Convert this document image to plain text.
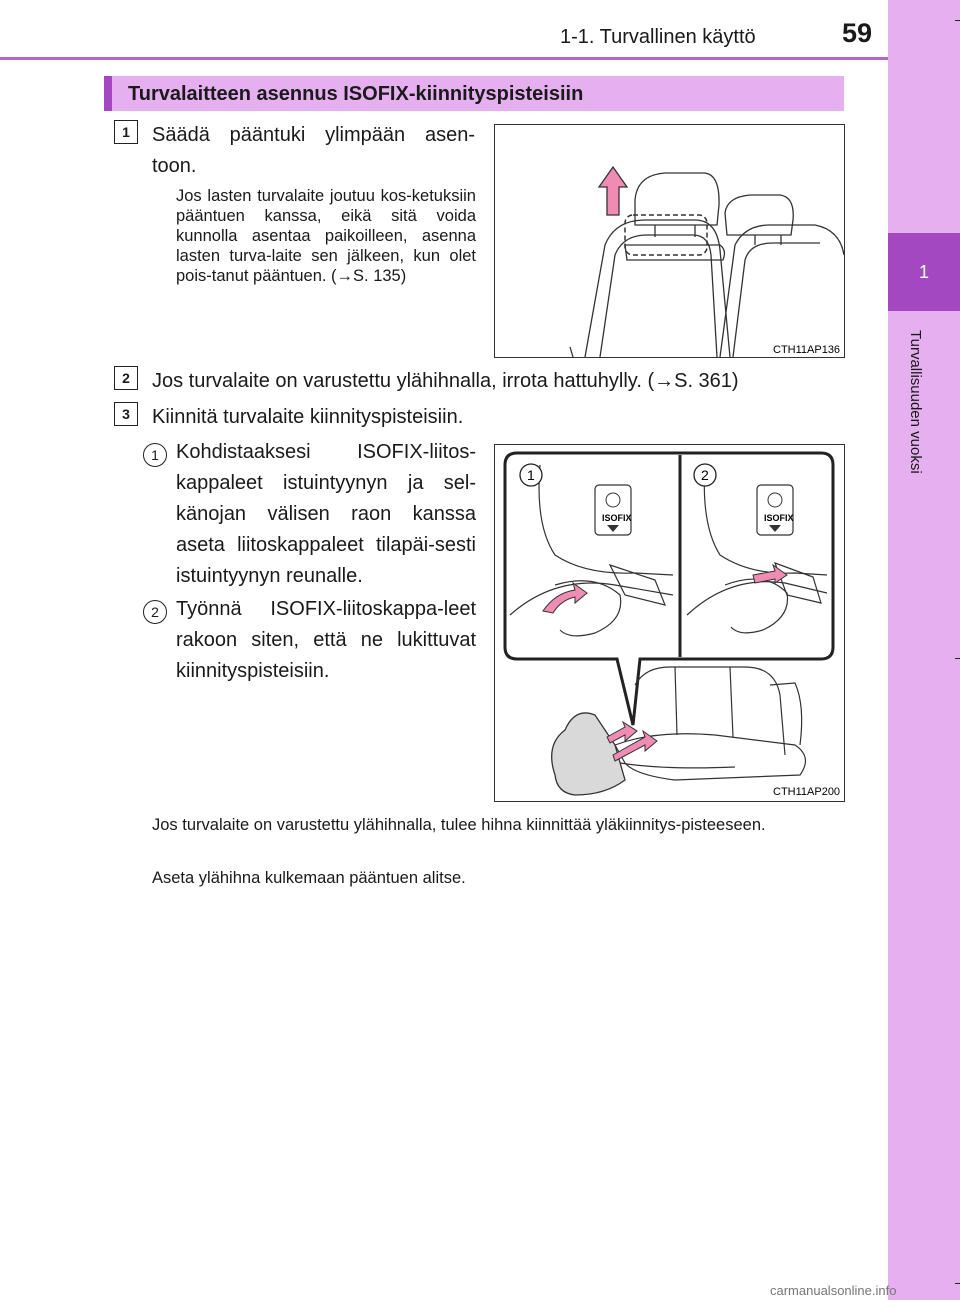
1-1. Turvallinen käyttö	59
1
Turvallisuuden vuoksi
Turvalaitteen asennus ISOFIX-kiinnityspisteisiin
1	Säädä pääntuki ylimpään asen-toon.
Jos lasten turvalaite joutuu kos-ketuksiin pääntuen kanssa, eikä sitä voida kunnolla asentaa paikoilleen, asenna lasten turva-laite sen jälkeen, kun olet pois-tanut pääntuen. (→S. 135)
CTH11AP136
2	Jos turvalaite on varustettu ylähihnalla, irrota hattuhylly. (→S. 361)
3	Kiinnitä turvalaite kiinnityspisteisiin.
1 Kohdistaaksesi ISOFIX-liitos-kappaleet istuintyynyn ja sel-känojan välisen raon kanssa aseta liitoskappaleet tilapäi-sesti istuintyynyn reunalle.
2 Työnnä ISOFIX-liitoskappa-leet rakoon siten, että ne lukittuvat kiinnityspisteisiin.
ISOFIX
1
ISOFIX
2
CTH11AP200
Jos turvalaite on varustettu ylähihnalla, tulee hihna kiinnittää yläkiinnitys-pisteeseen.
Aseta ylähihna kulkemaan pääntuen alitse.
carmanualsonline.info
